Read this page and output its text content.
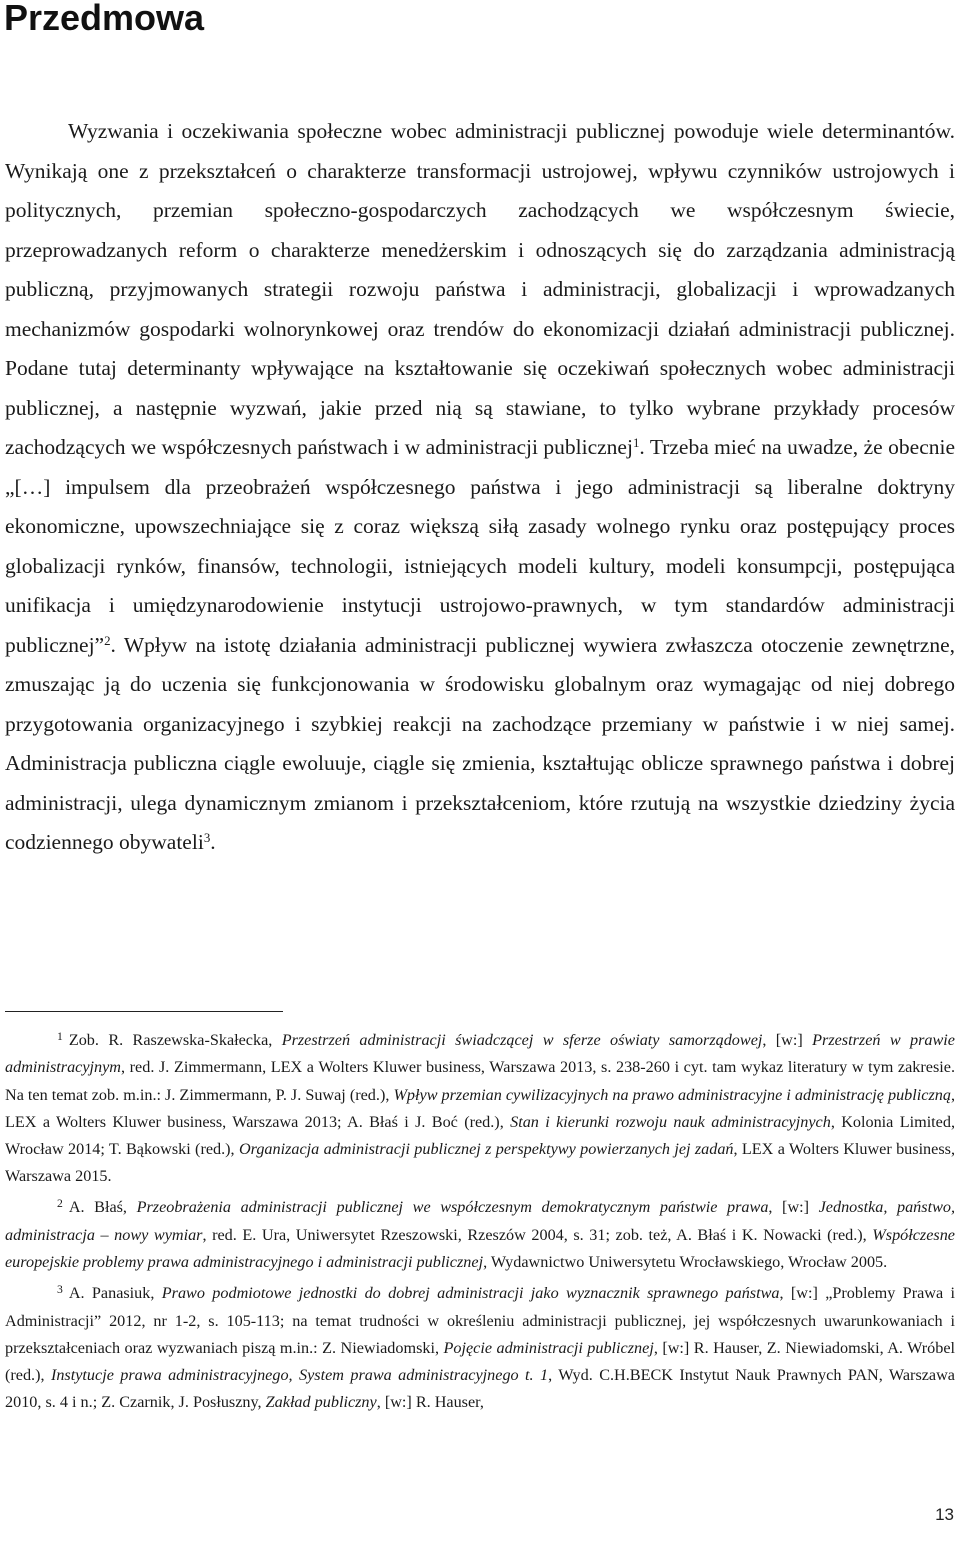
Przedmowa

Wyzwania i oczekiwania społeczne wobec administracji publicznej powoduje wiele determinantów. Wynikają one z przekształceń o charakterze transformacji ustrojowej, wpływu czynników ustrojowych i politycznych, przemian społeczno-gospodarczych zachodzących we współczesnym świecie, przeprowadzanych reform o charakterze menedżerskim i odnoszących się do zarządzania administracją publiczną, przyjmowanych strategii rozwoju państwa i administracji, globalizacji i wprowadzanych mechanizmów gospodarki wolnorynkowej oraz trendów do ekonomizacji działań administracji publicznej. Podane tutaj determinanty wpływające na kształtowanie się oczekiwań społecznych wobec administracji publicznej, a następnie wyzwań, jakie przed nią są stawiane, to tylko wybrane przykłady procesów zachodzących we współczesnych państwach i w administracji publicznej$^1$. Trzeba mieć na uwadze, że obecnie „[…] impulsem dla przeobrażeń współczesnego państwa i jego administracji są liberalne doktryny ekonomiczne, upowszechniające się z coraz większą siłą zasady wolnego rynku oraz postępujący proces globalizacji rynków, finansów, technologii, istniejących modeli kultury, modeli konsumpcji, postępująca unifikacja i umiędzynarodowienie instytucji ustrojowo-prawnych, w tym standardów administracji publicznej”$^2$. Wpływ na istotę działania administracji publicznej wywiera zwłaszcza otoczenie zewnętrzne, zmuszając ją do uczenia się funkcjonowania w środowisku globalnym oraz wymagając od niej dobrego przygotowania organizacyjnego i szybkiej reakcji na zachodzące przemiany w państwie i w niej samej. Administracja publiczna ciągle ewoluuje, ciągle się zmienia, kształtując oblicze sprawnego państwa i dobrej administracji, ulega dynamicznym zmianom i przekształceniom, które rzutują na wszystkie dziedziny życia codziennego obywateli$^3$.

$^1$ Zob. R. Raszewska-Skałecka, Przestrzeń administracji świadczącej w sferze oświaty samorządowej, [w:] Przestrzeń w prawie administracyjnym, red. J. Zimmermann, LEX a Wolters Kluwer business, Warszawa 2013, s. 238-260 i cyt. tam wykaz literatury w tym zakresie. Na ten temat zob. m.in.: J. Zimmermann, P. J. Suwaj (red.), Wpływ przemian cywilizacyjnych na prawo administracyjne i administrację publiczną, LEX a Wolters Kluwer business, Warszawa 2013; A. Błaś i J. Boć (red.), Stan i kierunki rozwoju nauk administracyjnych, Kolonia Limited, Wrocław 2014; T. Bąkowski (red.), Organizacja administracji publicznej z perspektywy powierzanych jej zadań, LEX a Wolters Kluwer business, Warszawa 2015.

$^2$ A. Błaś, Przeobrażenia administracji publicznej we współczesnym demokratycznym państwie prawa, [w:] Jednostka, państwo, administracja – nowy wymiar, red. E. Ura, Uniwersytet Rzeszowski, Rzeszów 2004, s. 31; zob. też, A. Błaś i K. Nowacki (red.), Współczesne europejskie problemy prawa administracyjnego i administracji publicznej, Wydawnictwo Uniwersytetu Wrocławskiego, Wrocław 2005.

$^3$ A. Panasiuk, Prawo podmiotowe jednostki do dobrej administracji jako wyznacznik sprawnego państwa, [w:] „Problemy Prawa i Administracji” 2012, nr 1-2, s. 105-113; na temat trudności w określeniu administracji publicznej, jej współczesnych uwarunkowaniach i przekształceniach oraz wyzwaniach piszą m.in.: Z. Niewiadomski, Pojęcie administracji publicznej, [w:] R. Hauser, Z. Niewiadomski, A. Wróbel (red.), Instytucje prawa administracyjnego, System prawa administracyjnego t. 1, Wyd. C.H.BECK Instytut Nauk Prawnych PAN, Warszawa 2010, s. 4 i n.; Z. Czarnik, J. Posłuszny, Zakład publiczny, [w:] R. Hauser,

13
